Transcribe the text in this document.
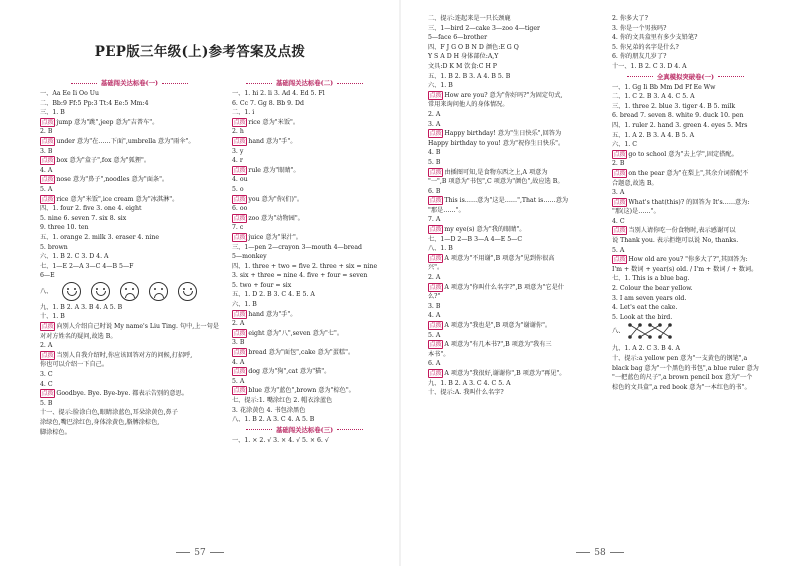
PEP版三年级(上)参考答案及点拨
基础闯关达标卷(一)
一、Aa Ee Ii Oo Uu
二、Bb:9 Ff:5 Pp:3 Tt:4 Ee:5 Mm:4
三、1. B
点拨 jump 意为"跳",jeep 意为"吉普车"。
2. B
点拨 under 意为"在……下面",umbrella 意为"雨伞"。
3. B
点拨 box 意为"盒子",fox 意为"狐狸"。
4. A
点拨 nose 意为"鼻子",noodles 意为"面条"。
5. A
点拨 rice 意为"米饭",ice cream 意为"冰淇淋"。
四、1. four 2. five 3. one 4. eight
5. nine 6. seven 7. six 8. six
9. three 10. ten
五、1. orange 2. milk 3. eraser 4. nine
5. brown
六、1. B 2. C 3. D 4. A
七、1—E 2—A 3—C 4—B 5—F
6—E
八、
九、1. B 2. A 3. B 4. A 5. B
十、1. B
点拨 向别人介绍自己时说 My name's Liu Ting. 句中,上一句是
对对方姓名的疑问,故选 B。
2. A
点拨 当别人自我介绍时,你应该回答对方的问候,打招呼,
你也可以介绍一下自己。
3. C
4. C
点拨 Goodbye. Bye. Bye-bye. 都表示告别的意思。
5. B
十一、提示:脸涂白色,眼睛涂蓝色,耳朵涂黄色,鼻子
涂绿色,嘴巴涂红色,身体涂黄色,胳膊涂棕色,
脚涂棕色。
基础闯关达标卷(二)
一、1. hi 2. li 3. Ad 4. Ed 5. Fl
6. Cc 7. Gg 8. Bb 9. Dd
二、1. i
点拨 rice 意为"米饭"。
2. h
点拨 hand 意为"手"。
3. y
4. r
点拨 rule 意为"眼睛"。
4. ou
5. o
点拨 you 意为"你(们)"。
6. oo
点拨 zoo 意为"动物园"。
7. c
点拨 juice 意为"果汁"。
三、1—pen 2—crayon 3—mouth 4—bread
5—monkey
四、1. three + two = five 2. three + six = nine
3. six + three = nine 4. five + four = seven
5. two + four = six
五、1. D 2. B 3. C 4. E 5. A
六、1. B
点拨 hand 意为"手"。
2. A
点拨 eight 意为"八",seven 意为"七"。
3. B
点拨 bread 意为"面包",cake 意为"蛋糕"。
4. A
点拨 dog 意为"狗",cat 意为"猫"。
5. A
点拨 blue 意为"蓝色",brown 意为"棕色"。
七、提示:1. 嘴涂红色 2. 帽衣涂蓝色
3. 花涂黄色 4. 书包涂黑色
八、1. B 2. A 3. C 4. A 5. B
基础闯关达标卷(三)
一、1. × 2. √ 3. × 4. √ 5. × 6. √
57
二、提示:连起来是一只长颈鹿
三、1—bird 2—cake 3—zoo 4—tiger
5—face 6—brother
四、F J G O B N D 颜色:E G Q
Y S A D H 身体部位:A,Y
文具:D K M 饮食:C H P
五、1. B 2. B 3. A 4. B 5. B
六、1. B
点拨 How are you? 意为"你好吗?"为固定句式,
常用来询问他人的身体情况。
2. A
3. A
点拨 Happy birthday! 意为"生日快乐",回答为
Happy birthday to you! 意为"祝你生日快乐"。
4. B
5. B
点拨 由插图可知,是食物东西之上,A 项意为
"一",B 项意为"书包",C 项意为"颜色",故应选 B。
6. B
点拨 This is……意为"这是……",That is……意为
"那是……"。
7. A
点拨 my eye(s) 意为"我的眼睛"。
七、1—D 2—B 3—A 4—E 5—C
八、1. B
点拨 A 项意为"不用谢",B 项意为"见到你很高
兴"。
2. A
点拨 A 项意为"你叫什么名字?",B 项意为"它是什
么?"
3. B
4. A
点拨 A 项意为"我也是",B 项意为"谢谢你"。
5. A
点拨 A 项意为"有几本书?",B 项意为"我有三
本书"。
6. A
点拨 A 项意为"我很好,谢谢你",B 项意为"再见"。
九、1. B 2. A 3. C 4. C 5. A
十、提示:A. 我叫什么名字?
2. 你多大了?
3. 你是一个男孩吗?
4. 你的文具盒里有多少支铅笔?
5. 你兄弟的名字是什么?
6. 你的朋友几岁了?
十一、1. B 2. C 3. D 4. A
全真模拟突破卷(一)
一、1. Gg Ii Bb Mm Dd Ff Ee Ww
二、1. C 2. B 3. A 4. C 5. A
三、1. three 2. blue 3. tiger 4. B 5. milk
6. bread 7. seven 8. white 9. duck 10. pen
四、1. ruler 2. hand 3. green 4. eyes 5. Mrs
五、1. A 2. B 3. A 4. B 5. A
六、1. C
点拨 go to school 意为"去上学",固定搭配。
2. B
点拨 on the pear 意为"在梨上",其余介词搭配不
合题意,故选 B。
3. A
点拨 What's that(this)? 的回答为 It's……意为:
"那(这)是……"。
4. C
点拨 当别人请你吃一份食物时,表示感谢可以
说 Thank you. 表示拒绝可以说 No, thanks.
5. A
点拨 How old are you? "你多大了?",其回答为:
I'm + 数词 + year(s) old. / I'm + 数词 / + 数词。
七、1. This is a blue bag.
2. Colour the bear yellow.
3. I am seven years old.
4. Let's eat the cake.
5. Look at the bird.
八、
九、1. A 2. C 3. B 4. A
十、提示:a yellow pen 意为"一支黄色的钢笔",a
black bag 意为"一个黑色的书包",a blue ruler 意为
"一把蓝色的尺子",a brown pencil box 意为"一个
棕色的文具盒",a red book 意为"一本红色的书"。
58
